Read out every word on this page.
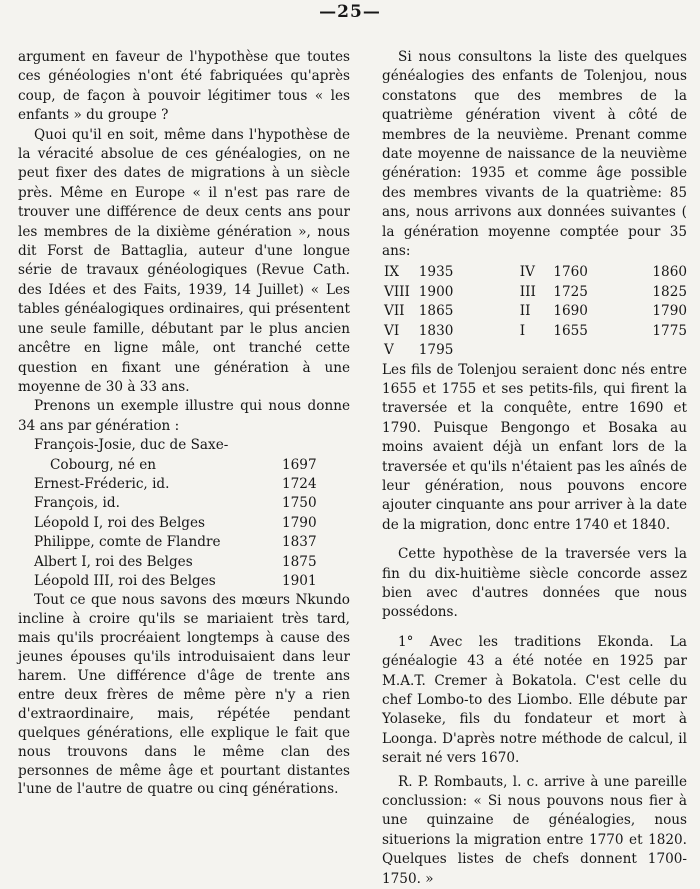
—25—

argument en faveur de l'hypothèse que toutes ces généologies n'ont été fabriquées qu'après coup, de façon à pouvoir légitimer tous « les enfants » du groupe ?

Quoi qu'il en soit, même dans l'hypothèse de la véracité absolue de ces généalogies, on ne peut fixer des dates de migrations à un siècle près. Même en Europe « il n'est pas rare de trouver une différence de deux cents ans pour les membres de la dixième génération », nous dit Forst de Battaglia, auteur d'une longue série de travaux généologiques (Revue Cath. des Idées et des Faits, 1939, 14 Juillet) « Les tables généalogiques ordinaires, qui présentent une seule famille, débutant par le plus ancien ancêtre en ligne mâle, ont tranché cette question en fixant une génération à une moyenne de 30 à 33 ans.

Prenons un exemple illustre qui nous donne 34 ans par génération :

François-Josie, duc de Saxe-
Cobourg, né en	1697
Ernest-Fréderic, id.	1724
François, id.	1750
Léopold I, roi des Belges	1790
Philippe, comte de Flandre	1837
Albert I, roi des Belges	1875
Léopold III, roi des Belges	1901

Tout ce que nous savons des mœurs Nkundo incline à croire qu'ils se mariaient très tard, mais qu'ils procréaient longtemps à cause des jeunes épouses qu'ils introduisaient dans leur harem. Une différence d'âge de trente ans entre deux frères de même père n'y a rien d'extraordinaire, mais, répétée pendant quelques générations, elle explique le fait que nous trouvons dans le même clan des personnes de même âge et pourtant distantes l'une de l'autre de quatre ou cinq générations.

Si nous consultons la liste des quelques généalogies des enfants de Tolenjou, nous constatons que des membres de la quatrième génération vivent à côté de membres de la neuvième. Prenant comme date moyenne de naissance de la neuvième génération: 1935 et comme âge possible des membres vivants de la quatrième: 85 ans, nous arrivons aux données suivantes ( la génération moyenne comptée pour 35 ans:

IX	1935	IV	1760	1860
VIII	1900	III	1725	1825
VII	1865	II	1690	1790
VI	1830	I	1655	1775
V	1795			

Les fils de Tolenjou seraient donc nés entre 1655 et 1755 et ses petits-fils, qui firent la traversée et la conquête, entre 1690 et 1790. Puisque Bengongo et Bosaka au moins avaient déjà un enfant lors de la traversée et qu'ils n'étaient pas les aînés de leur génération, nous pouvons encore ajouter cinquante ans pour arriver à la date de la migration, donc entre 1740 et 1840.

Cette hypothèse de la traversée vers la fin du dix-huitième siècle concorde assez bien avec d'autres données que nous possédons.

1° Avec les traditions Ekonda. La généalogie 43 a été notée en 1925 par M.A.T. Cremer à Bokatola. C'est celle du chef Lombo-to des Liombo. Elle débute par Yolaseke, fils du fondateur et mort à Loonga. D'après notre méthode de calcul, il serait né vers 1670.

R. P. Rombauts, l. c. arrive à une pareille conclussion: « Si nous pouvons nous fier à une quinzaine de généalogies, nous situerions la migration entre 1770 et 1820. Quelques listes de chefs donnent 1700-1750. »
